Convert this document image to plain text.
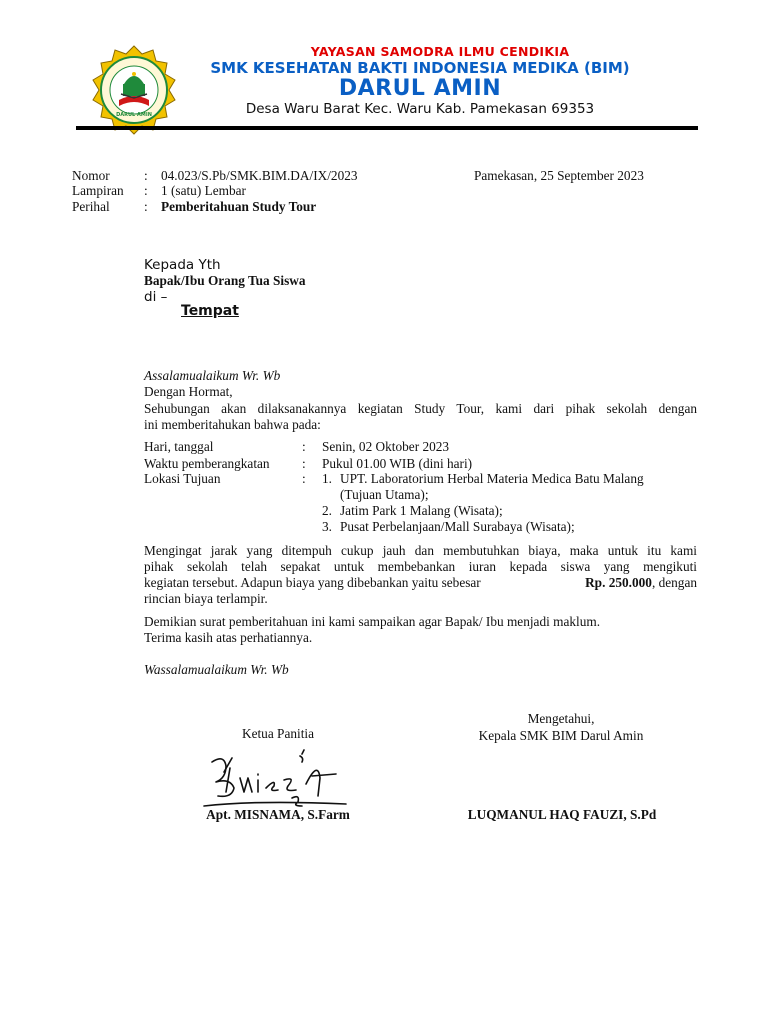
DARUL AMIN
YAYASAN SAMODRA ILMU CENDIKIA
SMK KESEHATAN BAKTI INDONESIA MEDIKA (BIM)
DARUL AMIN
Desa Waru Barat Kec. Waru Kab. Pamekasan 69353
Nomor	: 04.023/S.Pb/SMK.BIM.DA/IX/2023	Pamekasan, 25 September 2023
Lampiran : 1 (satu) Lembar
Perihal	: Pemberitahuan Study Tour
Kepada Yth
Bapak/Ibu Orang Tua Siswa
di –
Tempat
Assalamualaikum Wr. Wb
Dengan Hormat,
Sehubungan akan dilaksanakannya kegiatan Study Tour, kami dari pihak sekolah dengan
ini memberitahukan bahwa pada:
Hari, tanggal	: Senin, 02 Oktober 2023
Waktu pemberangkatan : Pukul 01.00 WIB (dini hari)
Lokasi Tujuan	: 1. UPT. Laboratorium Herbal Materia Medica Batu Malang
(Tujuan Utama);
2. Jatim Park 1 Malang (Wisata);
3. Pusat Perbelanjaan/Mall Surabaya (Wisata);
Mengingat jarak yang ditempuh cukup jauh dan membutuhkan biaya, maka untuk itu kami
pihak sekolah telah sepakat untuk membebankan iuran kepada siswa yang mengikuti
kegiatan tersebut. Adapun biaya yang dibebankan yaitu sebesar	Rp. 250.000, dengan
rincian biaya terlampir.
Demikian surat pemberitahuan ini kami sampaikan agar Bapak/ Ibu menjadi maklum.
Terima kasih atas perhatiannya.
Wassalamualaikum Wr. Wb
Ketua Panitia
Mengetahui,
Kepala SMK BIM Darul Amin
Apt. MISNAMA, S.Farm	LUQMANUL HAQ FAUZI, S.Pd
